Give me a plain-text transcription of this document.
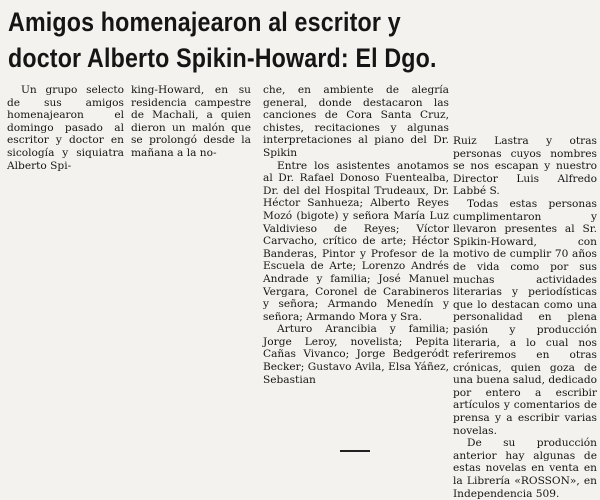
Amigos homenajearon al escritor y
doctor Alberto Spikin-Howard: El Dgo.

Un grupo selecto de sus amigos homenajearon el domingo pasado al escritor y doctor en sicología y siquiatra Alberto Spi-

king-Howard, en su residencia campestre de Machali, a quien dieron un malón que se prolongó desde la mañana a la no-

che, en ambiente de alegría general, donde destacaron las canciones de Cora Santa Cruz, chistes, recitaciones y algunas interpretaciones al piano del Dr. Spikin

Entre los asistentes anotamos al Dr. Rafael Donoso Fuentealba, Dr. del del Hospital Trudeaux, Dr. Héctor Sanhueza; Alberto Reyes Mozó (bigote) y señora María Luz Valdivieso de Reyes; Víctor Carvacho, crítico de arte; Héctor Banderas, Pintor y Profesor de la Escuela de Arte; Lorenzo Andrés Andrade y familia; José Manuel Vergara, Coronel de Carabineros y señora; Armando Menedín y señora; Armando Mora y Sra.

Arturo Arancibia y familia; Jorge Leroy, novelista; Pepita Cañas Vivanco; Jorge Bedgeródt Becker; Gustavo Avila, Elsa Yáñez, Sebastian

Ruiz Lastra y otras personas cuyos nombres se nos escapan y nuestro Director Luis Alfredo Labbé S.

Todas estas personas cumplimentaron y llevaron presentes al Sr. Spikin-Howard, con motivo de cumplir 70 años de vida como por sus muchas actividades literarias y periodísticas que lo destacan como una personalidad en plena pasión y producción literaria, a lo cual nos referiremos en otras crónicas, quien goza de una buena salud, dedicado por entero a escribir artículos y comentarios de prensa y a escribir varias novelas.

De su producción anterior hay algunas de estas novelas en venta en la Librería «ROSSON», en Independencia 509.
